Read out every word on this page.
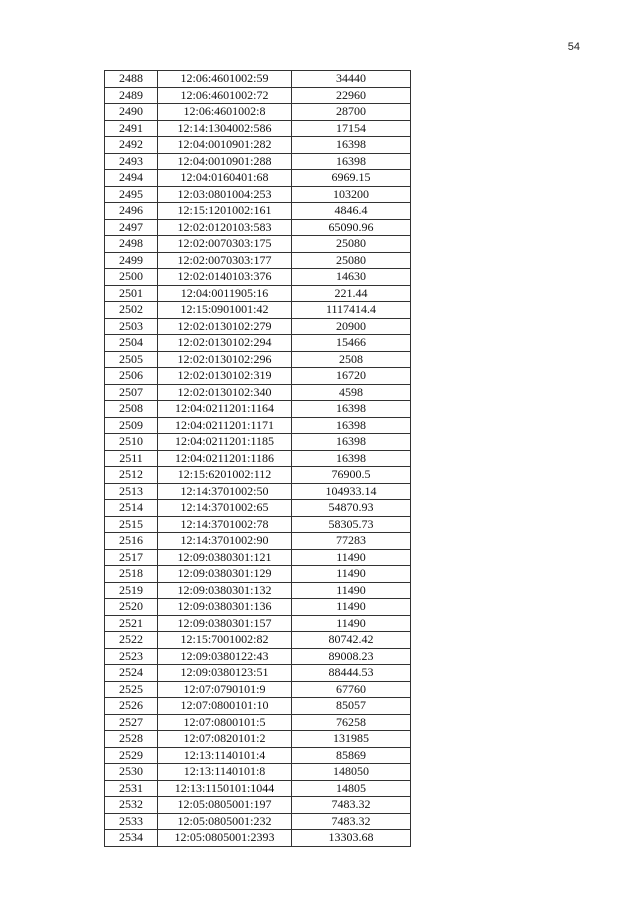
54
2488	12:06:4601002:59	34440
2489	12:06:4601002:72	22960
2490	12:06:4601002:8	28700
2491	12:14:1304002:586	17154
2492	12:04:0010901:282	16398
2493	12:04:0010901:288	16398
2494	12:04:0160401:68	6969.15
2495	12:03:0801004:253	103200
2496	12:15:1201002:161	4846.4
2497	12:02:0120103:583	65090.96
2498	12:02:0070303:175	25080
2499	12:02:0070303:177	25080
2500	12:02:0140103:376	14630
2501	12:04:0011905:16	221.44
2502	12:15:0901001:42	1117414.4
2503	12:02:0130102:279	20900
2504	12:02:0130102:294	15466
2505	12:02:0130102:296	2508
2506	12:02:0130102:319	16720
2507	12:02:0130102:340	4598
2508	12:04:0211201:1164	16398
2509	12:04:0211201:1171	16398
2510	12:04:0211201:1185	16398
2511	12:04:0211201:1186	16398
2512	12:15:6201002:112	76900.5
2513	12:14:3701002:50	104933.14
2514	12:14:3701002:65	54870.93
2515	12:14:3701002:78	58305.73
2516	12:14:3701002:90	77283
2517	12:09:0380301:121	11490
2518	12:09:0380301:129	11490
2519	12:09:0380301:132	11490
2520	12:09:0380301:136	11490
2521	12:09:0380301:157	11490
2522	12:15:7001002:82	80742.42
2523	12:09:0380122:43	89008.23
2524	12:09:0380123:51	88444.53
2525	12:07:0790101:9	67760
2526	12:07:0800101:10	85057
2527	12:07:0800101:5	76258
2528	12:07:0820101:2	131985
2529	12:13:1140101:4	85869
2530	12:13:1140101:8	148050
2531	12:13:1150101:1044	14805
2532	12:05:0805001:197	7483.32
2533	12:05:0805001:232	7483.32
2534	12:05:0805001:2393	13303.68
